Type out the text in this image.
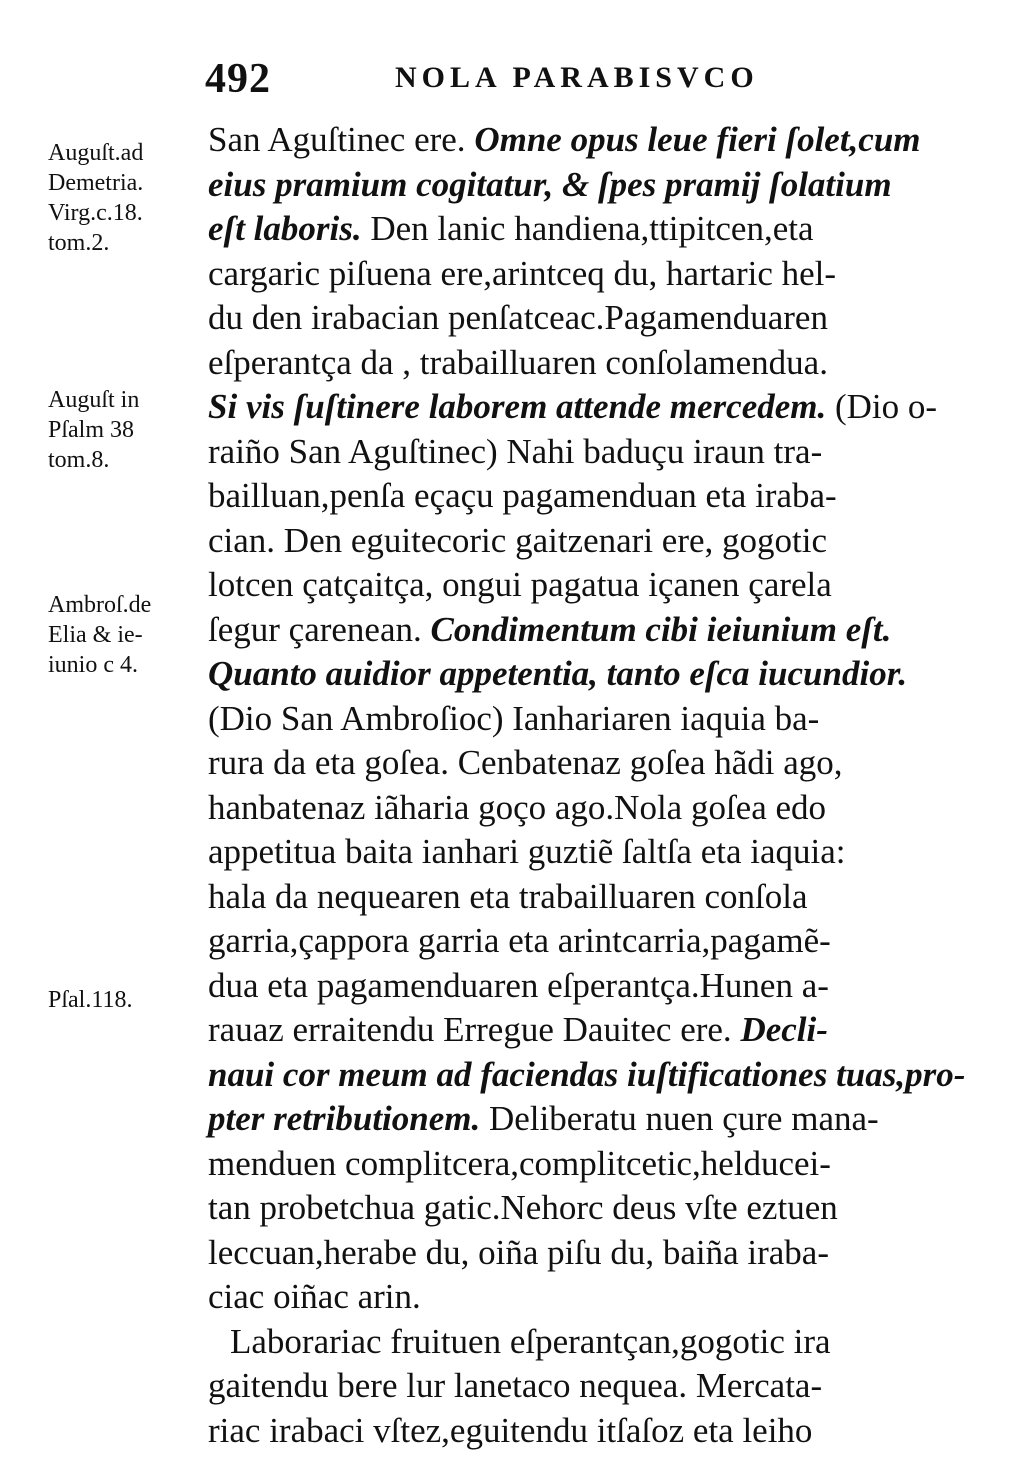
492	NOLA PARABISVCO
Auguſt.ad
Demetria.
Virg.c.18.
tom.2.
Auguſt in
Pſalm 38
tom.8.
Ambroſ.de
Elia & ie-
iunio c 4.
Pſal.118.
San Aguſtinec ere. Omne opus leue fieri ſolet,cum
eius pramium cogitatur, & ſpes pramij ſolatium
eſt laboris. Den lanic handiena,ttipitcen,eta
cargaric piſuena ere,arintceq du, hartaric hel-
du den irabacian penſatceac.Pagamenduaren
eſperantça da , trabailluaren conſolamendua.
Si vis ſuſtinere laborem attende mercedem. (Dio o-
raiño San Aguſtinec) Nahi baduçu iraun tra-
bailluan,penſa eçaçu pagamenduan eta iraba-
cian. Den eguitecoric gaitzenari ere, gogotic
lotcen çatçaitça, ongui pagatua içanen çarela
ſegur çarenean. Condimentum cibi ieiunium eſt.
Quanto auidior appetentia, tanto eſca iucundior.
(Dio San Ambroſioc) Ianhariaren iaquia ba-
rura da eta goſea. Cenbatenaz goſea hãdi ago,
hanbatenaz iãharia goço ago.Nola goſea edo
appetitua baita ianhari guztiẽ ſaltſa eta iaquia:
hala da nequearen eta trabailluaren conſola
garria,çappora garria eta arintcarria,pagamẽ-
dua eta pagamenduaren eſperantça.Hunen a-
rauaz erraitendu Erregue Dauitec ere. Decli-
naui cor meum ad faciendas iuſtificationes tuas,pro-
pter retributionem. Deliberatu nuen çure mana-
menduen complitcera,complitcetic,helducei-
tan probetchua gatic.Nehorc deus vſte eztuen
leccuan,herabe du, oiña piſu du, baiña iraba-
ciac oiñac arin.
Laborariac fruituen eſperantçan,gogotic ira
gaitendu bere lur lanetaco nequea. Mercata-
riac irabaci vſtez,eguitendu itſaſoz eta leiho
